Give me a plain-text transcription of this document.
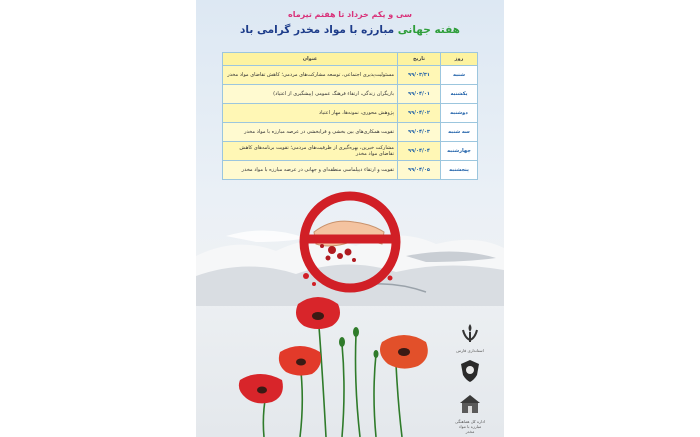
سی و یکم خرداد تا هفتم تیرماه
هفته جهانی مبارزه با مواد مخدر گرامی باد
روز	تاریخ	عنوان
شنبه	۹۹/۰۳/۳۱	مسئولیت‌پذیری اجتماعی، توسعه مشارکت‌های مردمی؛ کاهش تقاضای مواد مخدر
یکشنبه	۹۹/۰۴/۰۱	بازیگران زندگی، ارتقاء فرهنگ عمومی (پیشگیری از اعتیاد)
دوشنبه	۹۹/۰۴/۰۲	پژوهش محوری، نمونه‌ها، مهار اعتیاد
سه شنبه	۹۹/۰۴/۰۳	تقویت همکاری‌های بین بخشی و فرابخشی در عرصه مبارزه با مواد مخدر
چهارشنبه	۹۹/۰۴/۰۴	مشارکت خیرین، بهره‌گیری از ظرفیت‌های مردمی؛ تقویت برنامه‌های کاهش تقاضای مواد مخدر
پنجشنبه	۹۹/۰۴/۰۵	تقویت و ارتقاء دیپلماسی منطقه‌ای و جهانی در عرصه مبارزه با مواد مخدر
استانداری فارس
اداره کل هماهنگی مبارزه با مواد مخدر
